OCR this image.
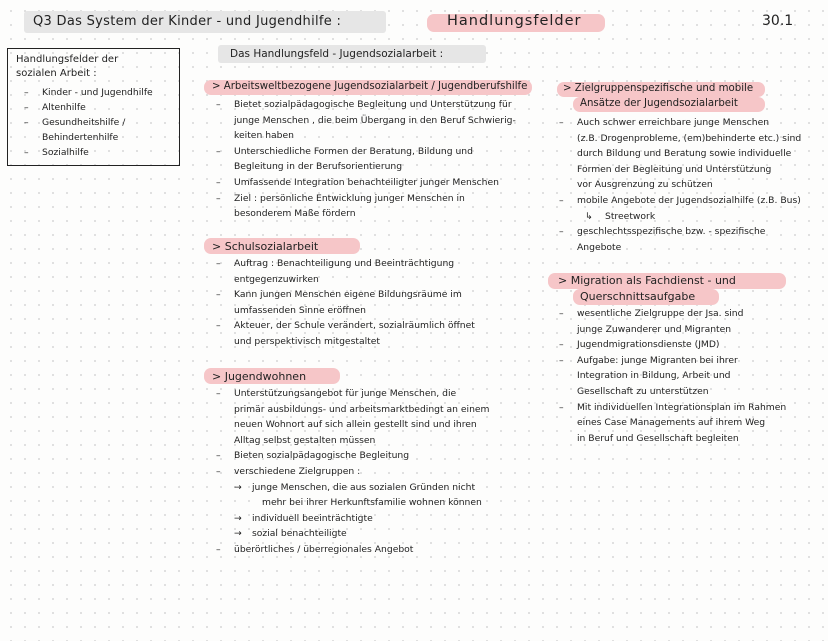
Q3 Das System der Kinder - und Jugendhilfe :	Handlungsfelder	30.1
Handlungsfelder der
sozialen Arbeit :
– Kinder - und Jugendhilfe
– Altenhilfe
– Gesundheitshilfe /
Behindertenhilfe
– Sozialhilfe
Das Handlungsfeld - Jugendsozialarbeit :
> Arbeitsweltbezogene Jugendsozialarbeit / Jugendberufshilfe
– Bietet sozialpädagogische Begleitung und Unterstützung für
junge Menschen , die beim Übergang in den Beruf Schwierig-
keiten haben
– Unterschiedliche Formen der Beratung, Bildung und
Begleitung in der Berufsorientierung
– Umfassende Integration benachteiligter junger Menschen
– Ziel : persönliche Entwicklung junger Menschen in
besonderem Maße fördern
> Schulsozialarbeit
– Auftrag : Benachteiligung und Beeinträchtigung
entgegenzuwirken
– Kann jungen Menschen eigene Bildungsräume im
umfassenden Sinne eröffnen
– Akteuer, der Schule verändert, sozialräumlich öffnet
und perspektivisch mitgestaltet
> Jugendwohnen
– Unterstützungsangebot für junge Menschen, die
primär ausbildungs- und arbeitsmarktbedingt an einem
neuen Wohnort auf sich allein gestellt sind und ihren
Alltag selbst gestalten müssen
– Bieten sozialpädagogische Begleitung
– verschiedene Zielgruppen :
→ junge Menschen, die aus sozialen Gründen nicht
mehr bei ihrer Herkunftsfamilie wohnen können
→ individuell beeinträchtigte
→ sozial benachteiligte
– überörtliches / überregionales Angebot
> Zielgruppenspezifische und mobile
Ansätze der Jugendsozialarbeit
– Auch schwer erreichbare junge Menschen
(z.B. Drogenprobleme, (em)behinderte etc.) sind
durch Bildung und Beratung sowie individuelle
Formen der Begleitung und Unterstützung
vor Ausgrenzung zu schützen
– mobile Angebote der Jugendsozialhilfe (z.B. Bus)
↳ Streetwork
– geschlechtsspezifische bzw. - spezifische
Angebote
> Migration als Fachdienst - und
Querschnittsaufgabe
– wesentliche Zielgruppe der Jsa. sind
junge Zuwanderer und Migranten
– Jugendmigrationsdienste (JMD)
– Aufgabe: junge Migranten bei ihrer
Integration in Bildung, Arbeit und
Gesellschaft zu unterstützen
– Mit individuellen Integrationsplan im Rahmen
eines Case Managements auf ihrem Weg
in Beruf und Gesellschaft begleiten
